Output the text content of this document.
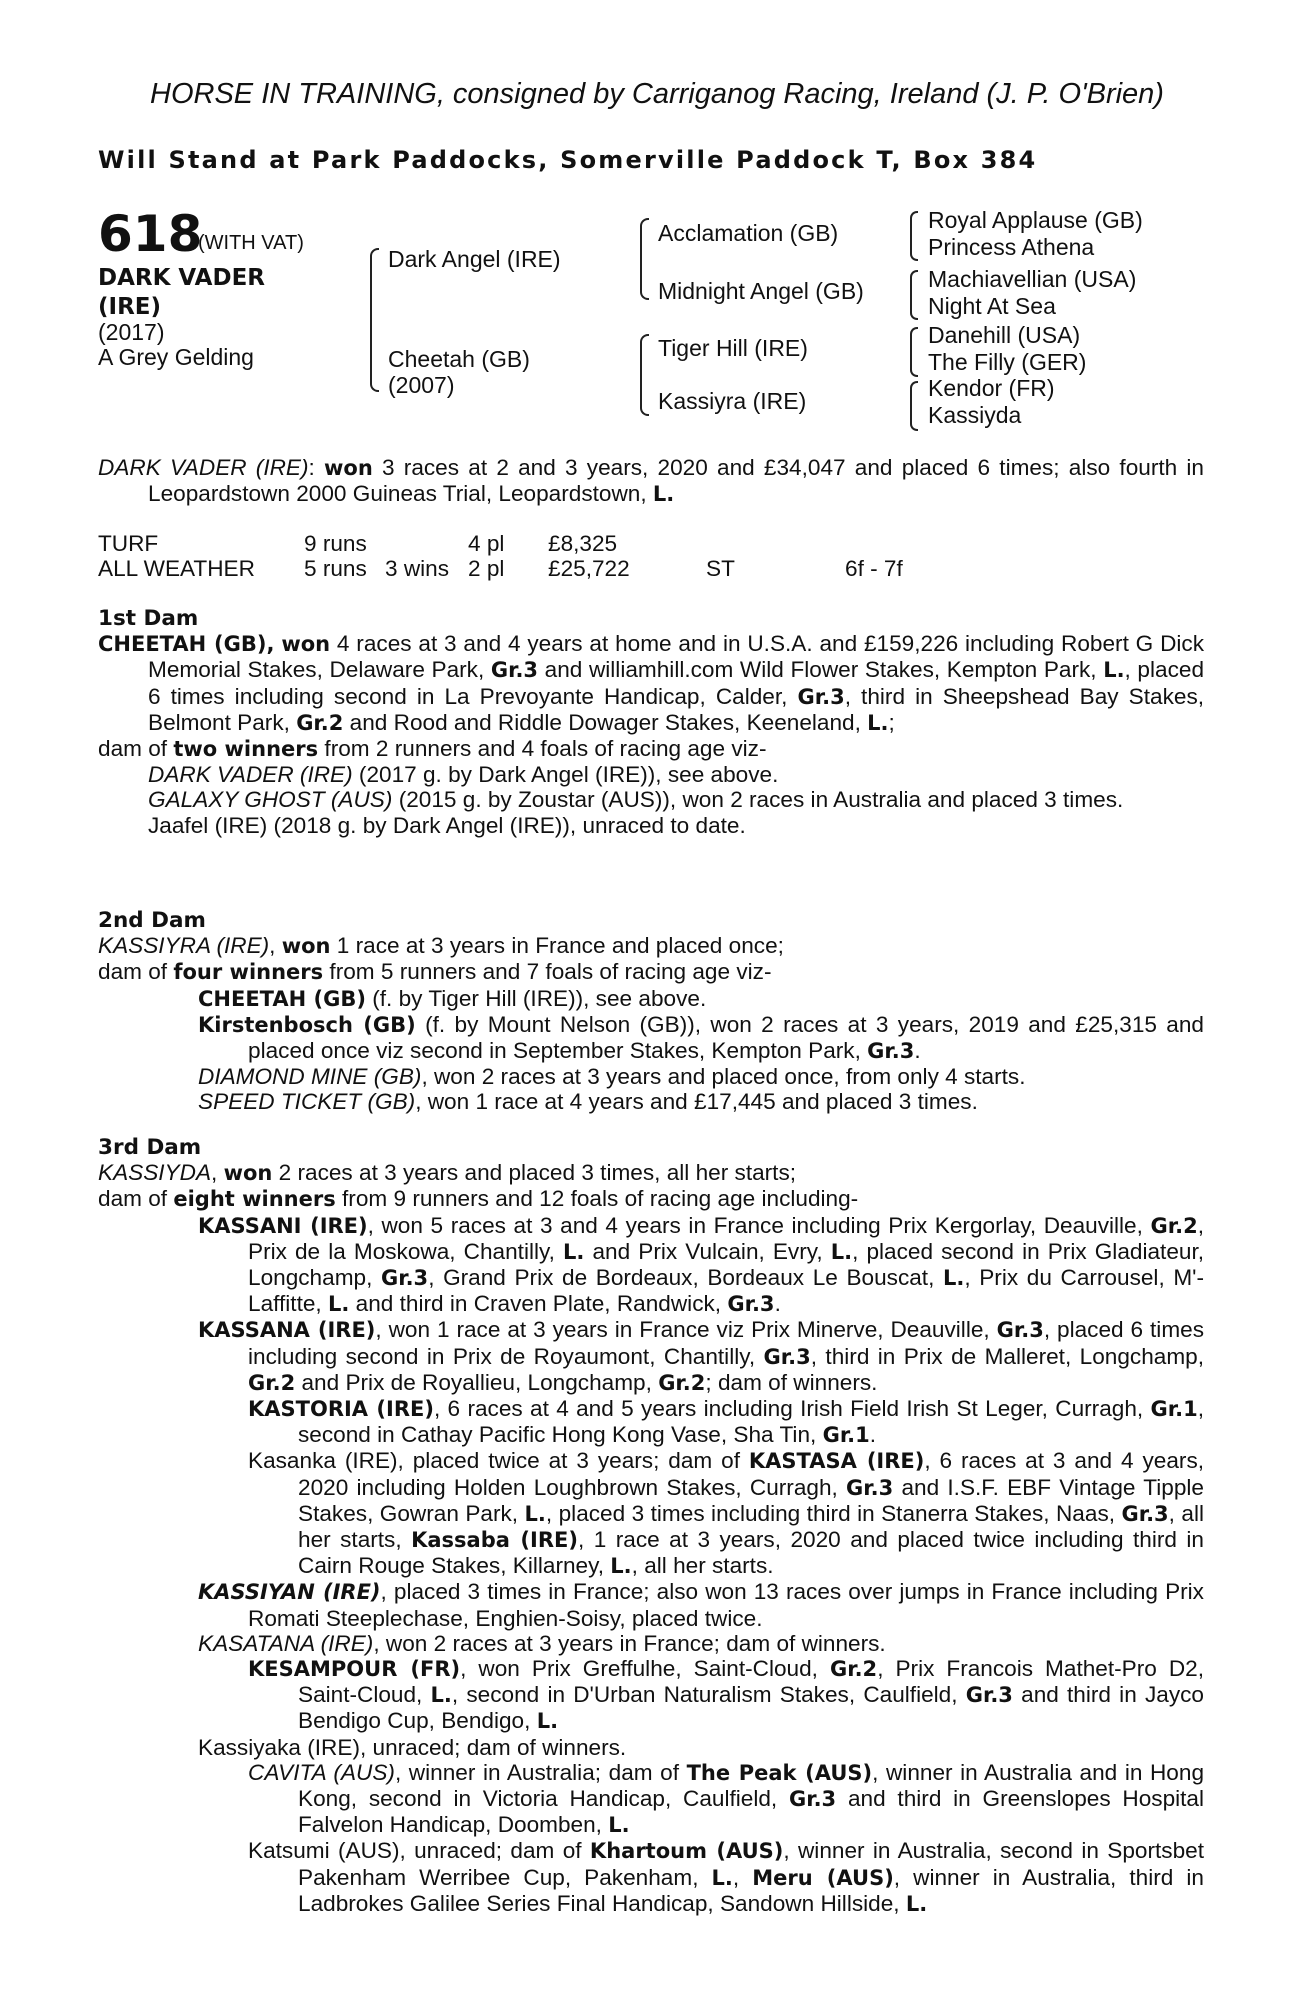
HORSE IN TRAINING, consigned by Carriganog Racing, Ireland (J. P. O'Brien)
Will Stand at Park Paddocks, Somerville Paddock T, Box 384
618
(WITH VAT)
DARK VADER
(IRE)
(2017)
A Grey Gelding
Dark Angel (IRE)
Cheetah (GB)
(2007)
Acclamation (GB)
Midnight Angel (GB)
Tiger Hill (IRE)
Kassiyra (IRE)
Royal Applause (GB)
Princess Athena
Machiavellian (USA)
Night At Sea
Danehill (USA)
The Filly (GER)
Kendor (FR)
Kassiyda

DARK VADER (IRE): won 3 races at 2 and 3 years, 2020 and £34,047 and placed 6 times; also fourth in Leopardstown 2000 Guineas Trial, Leopardstown, L.

TURF	9 runs	4 pl £8,325
ALL WEATHER 5 runs 3 wins 2 pl £25,722	ST	6f - 7f

1st Dam

CHEETAH (GB), won 4 races at 3 and 4 years at home and in U.S.A. and £159,226 including Robert G Dick Memorial Stakes, Delaware Park, Gr.3 and williamhill.com Wild Flower Stakes, Kempton Park, L., placed 6 times including second in La Prevoyante Handicap, Calder, Gr.3, third in Sheepshead Bay Stakes, Belmont Park, Gr.2 and Rood and Riddle Dowager Stakes, Keeneland, L.;

dam of two winners from 2 runners and 4 foals of racing age viz-

DARK VADER (IRE) (2017 g. by Dark Angel (IRE)), see above.

GALAXY GHOST (AUS) (2015 g. by Zoustar (AUS)), won 2 races in Australia and placed 3 times.

Jaafel (IRE) (2018 g. by Dark Angel (IRE)), unraced to date.

2nd Dam

KASSIYRA (IRE), won 1 race at 3 years in France and placed once;

dam of four winners from 5 runners and 7 foals of racing age viz-

CHEETAH (GB) (f. by Tiger Hill (IRE)), see above.

Kirstenbosch (GB) (f. by Mount Nelson (GB)), won 2 races at 3 years, 2019 and £25,315 and placed once viz second in September Stakes, Kempton Park, Gr.3.

DIAMOND MINE (GB), won 2 races at 3 years and placed once, from only 4 starts.

SPEED TICKET (GB), won 1 race at 4 years and £17,445 and placed 3 times.

3rd Dam

KASSIYDA, won 2 races at 3 years and placed 3 times, all her starts;

dam of eight winners from 9 runners and 12 foals of racing age including-

KASSANI (IRE), won 5 races at 3 and 4 years in France including Prix Kergorlay, Deauville, Gr.2, Prix de la Moskowa, Chantilly, L. and Prix Vulcain, Evry, L., placed second in Prix Gladiateur, Longchamp, Gr.3, Grand Prix de Bordeaux, Bordeaux Le Bouscat, L., Prix du Carrousel, M'-Laffitte, L. and third in Craven Plate, Randwick, Gr.3.

KASSANA (IRE), won 1 race at 3 years in France viz Prix Minerve, Deauville, Gr.3, placed 6 times including second in Prix de Royaumont, Chantilly, Gr.3, third in Prix de Malleret, Longchamp, Gr.2 and Prix de Royallieu, Longchamp, Gr.2; dam of winners.

KASTORIA (IRE), 6 races at 4 and 5 years including Irish Field Irish St Leger, Curragh, Gr.1, second in Cathay Pacific Hong Kong Vase, Sha Tin, Gr.1.

Kasanka (IRE), placed twice at 3 years; dam of KASTASA (IRE), 6 races at 3 and 4 years, 2020 including Holden Loughbrown Stakes, Curragh, Gr.3 and I.S.F. EBF Vintage Tipple Stakes, Gowran Park, L., placed 3 times including third in Stanerra Stakes, Naas, Gr.3, all her starts, Kassaba (IRE), 1 race at 3 years, 2020 and placed twice including third in Cairn Rouge Stakes, Killarney, L., all her starts.

KASSIYAN (IRE), placed 3 times in France; also won 13 races over jumps in France including Prix Romati Steeplechase, Enghien-Soisy, placed twice.

KASATANA (IRE), won 2 races at 3 years in France; dam of winners.

KESAMPOUR (FR), won Prix Greffulhe, Saint-Cloud, Gr.2, Prix Francois Mathet-Pro D2, Saint-Cloud, L., second in D'Urban Naturalism Stakes, Caulfield, Gr.3 and third in Jayco Bendigo Cup, Bendigo, L.

Kassiyaka (IRE), unraced; dam of winners.

CAVITA (AUS), winner in Australia; dam of The Peak (AUS), winner in Australia and in Hong Kong, second in Victoria Handicap, Caulfield, Gr.3 and third in Greenslopes Hospital Falvelon Handicap, Doomben, L.

Katsumi (AUS), unraced; dam of Khartoum (AUS), winner in Australia, second in Sportsbet Pakenham Werribee Cup, Pakenham, L., Meru (AUS), winner in Australia, third in Ladbrokes Galilee Series Final Handicap, Sandown Hillside, L.
